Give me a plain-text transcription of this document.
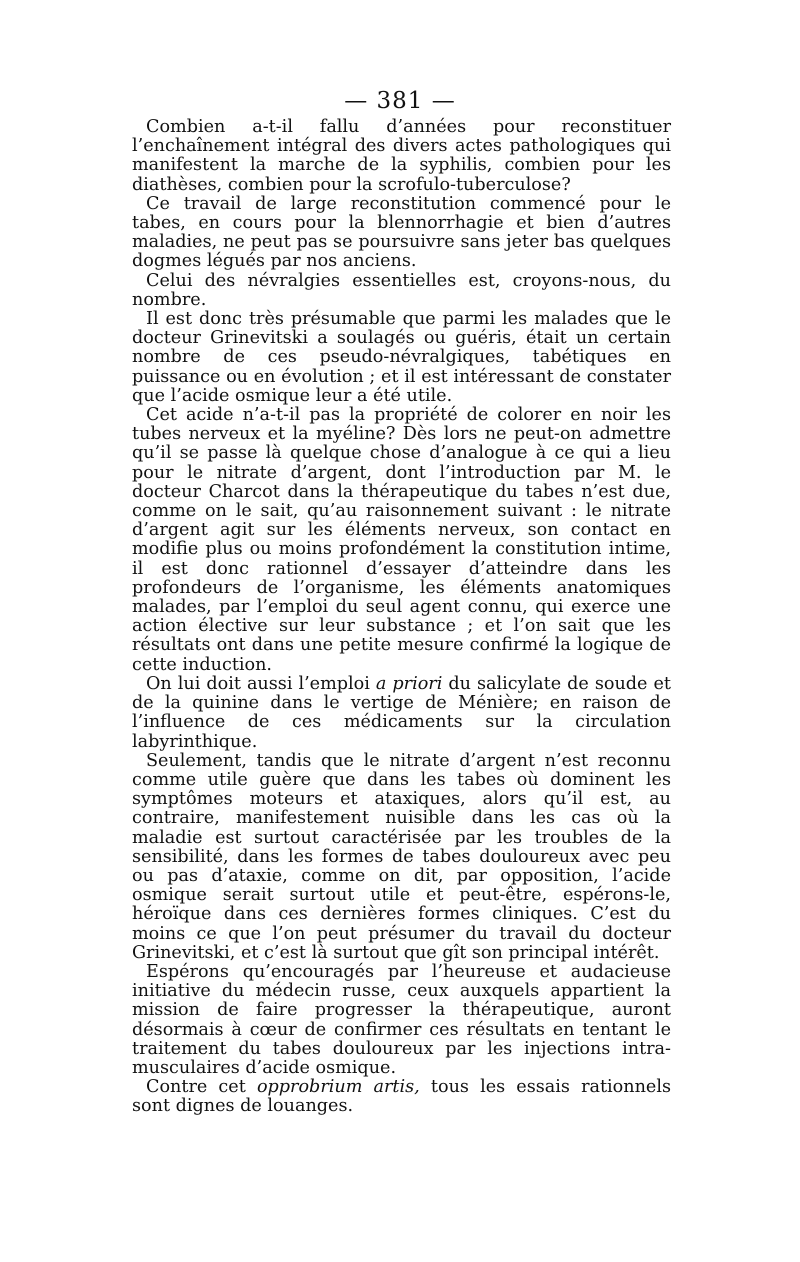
— 381 —

Combien a-t-il fallu d’années pour reconstituer l’enchaînement intégral des divers actes pathologiques qui manifestent la marche de la syphilis, combien pour les diathèses, combien pour la scrofulo-tuberculose?

Ce travail de large reconstitution commencé pour le tabes, en cours pour la blennorrhagie et bien d’autres maladies, ne peut pas se poursuivre sans jeter bas quelques dogmes légués par nos anciens.

Celui des névralgies essentielles est, croyons-nous, du nombre.

Il est donc très présumable que parmi les malades que le docteur Grinevitski a soulagés ou guéris, était un certain nombre de ces pseudo-névralgiques, tabétiques en puissance ou en évolution ; et il est intéressant de constater que l’acide osmique leur a été utile.

Cet acide n’a-t-il pas la propriété de colorer en noir les tubes nerveux et la myéline? Dès lors ne peut-on admettre qu’il se passe là quelque chose d’analogue à ce qui a lieu pour le nitrate d’argent, dont l’introduction par M. le docteur Charcot dans la thérapeutique du tabes n’est due, comme on le sait, qu’au raisonnement suivant : le nitrate d’argent agit sur les éléments nerveux, son contact en modifie plus ou moins profondément la constitution intime, il est donc rationnel d’essayer d’atteindre dans les profondeurs de l’organisme, les éléments anatomiques malades, par l’emploi du seul agent connu, qui exerce une action élective sur leur substance ; et l’on sait que les résultats ont dans une petite mesure confirmé la logique de cette induction.

On lui doit aussi l’emploi a priori du salicylate de soude et de la quinine dans le vertige de Ménière; en raison de l’influence de ces médicaments sur la circulation labyrinthique.

Seulement, tandis que le nitrate d’argent n’est reconnu comme utile guère que dans les tabes où dominent les symptômes moteurs et ataxiques, alors qu’il est, au contraire, manifestement nuisible dans les cas où la maladie est surtout caractérisée par les troubles de la sensibilité, dans les formes de tabes douloureux avec peu ou pas d’ataxie, comme on dit, par opposition, l’acide osmique serait surtout utile et peut-être, espérons-le, héroïque dans ces dernières formes cliniques. C’est du moins ce que l’on peut présumer du travail du docteur Grinevitski, et c’est là surtout que gît son principal intérêt.

Espérons qu’encouragés par l’heureuse et audacieuse initiative du médecin russe, ceux auxquels appartient la mission de faire progresser la thérapeutique, auront désormais à cœur de confirmer ces résultats en tentant le traitement du tabes douloureux par les injections intra-musculaires d’acide osmique.

Contre cet opprobrium artis, tous les essais rationnels sont dignes de louanges.
